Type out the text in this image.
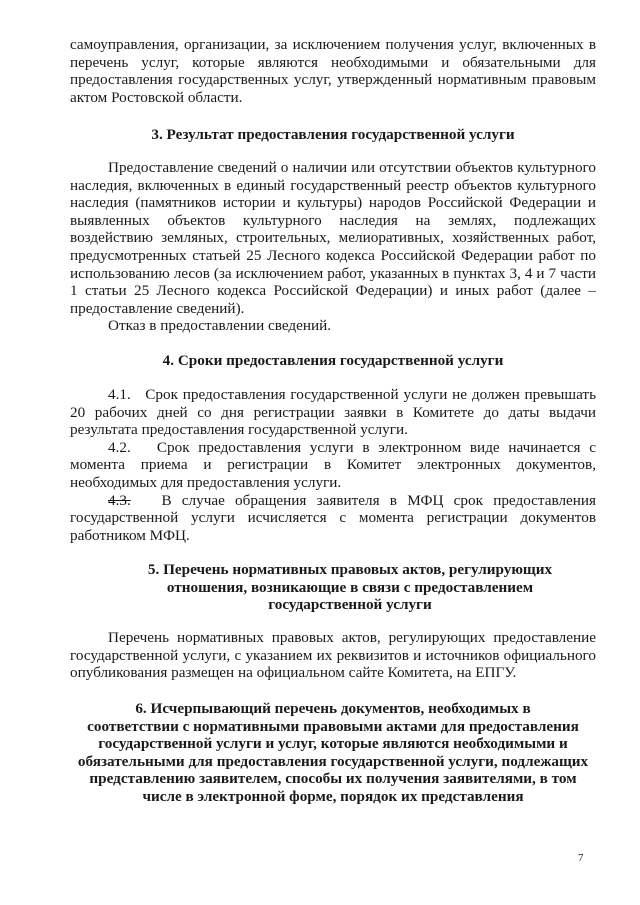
самоуправления, организации, за исключением получения услуг, включенных в перечень услуг, которые являются необходимыми и обязательными для предоставления государственных услуг, утвержденный нормативным правовым актом Ростовской области.

3. Результат предоставления государственной услуги

Предоставление сведений о наличии или отсутствии объектов культурного наследия, включенных в единый государственный реестр объектов культурного наследия (памятников истории и культуры) народов Российской Федерации и выявленных объектов культурного наследия на землях, подлежащих воздействию земляных, строительных, мелиоративных, хозяйственных работ, предусмотренных статьей 25 Лесного кодекса Российской Федерации работ по использованию лесов (за исключением работ, указанных в пунктах 3, 4 и 7 части 1 статьи 25 Лесного кодекса Российской Федерации) и иных работ (далее – предоставление сведений).

Отказ в предоставлении сведений.

4. Сроки предоставления государственной услуги

4.1. Срок предоставления государственной услуги не должен превышать 20 рабочих дней со дня регистрации заявки в Комитете до даты выдачи результата предоставления государственной услуги.

4.2. Срок предоставления услуги в электронном виде начинается с момента приема и регистрации в Комитет электронных документов, необходимых для предоставления услуги.

4.3. В случае обращения заявителя в МФЦ срок предоставления государственной услуги исчисляется с момента регистрации документов работником МФЦ.

5. Перечень нормативных правовых актов, регулирующих
отношения, возникающие в связи с предоставлением
государственной услуги

Перечень нормативных правовых актов, регулирующих предоставление государственной услуги, с указанием их реквизитов и источников официального опубликования размещен на официальном сайте Комитета, на ЕПГУ.

6. Исчерпывающий перечень документов, необходимых в
соответствии с нормативными правовыми актами для предоставления
государственной услуги и услуг, которые являются необходимыми и
обязательными для предоставления государственной услуги, подлежащих
представлению заявителем, способы их получения заявителями, в том
числе в электронной форме, порядок их представления
7
